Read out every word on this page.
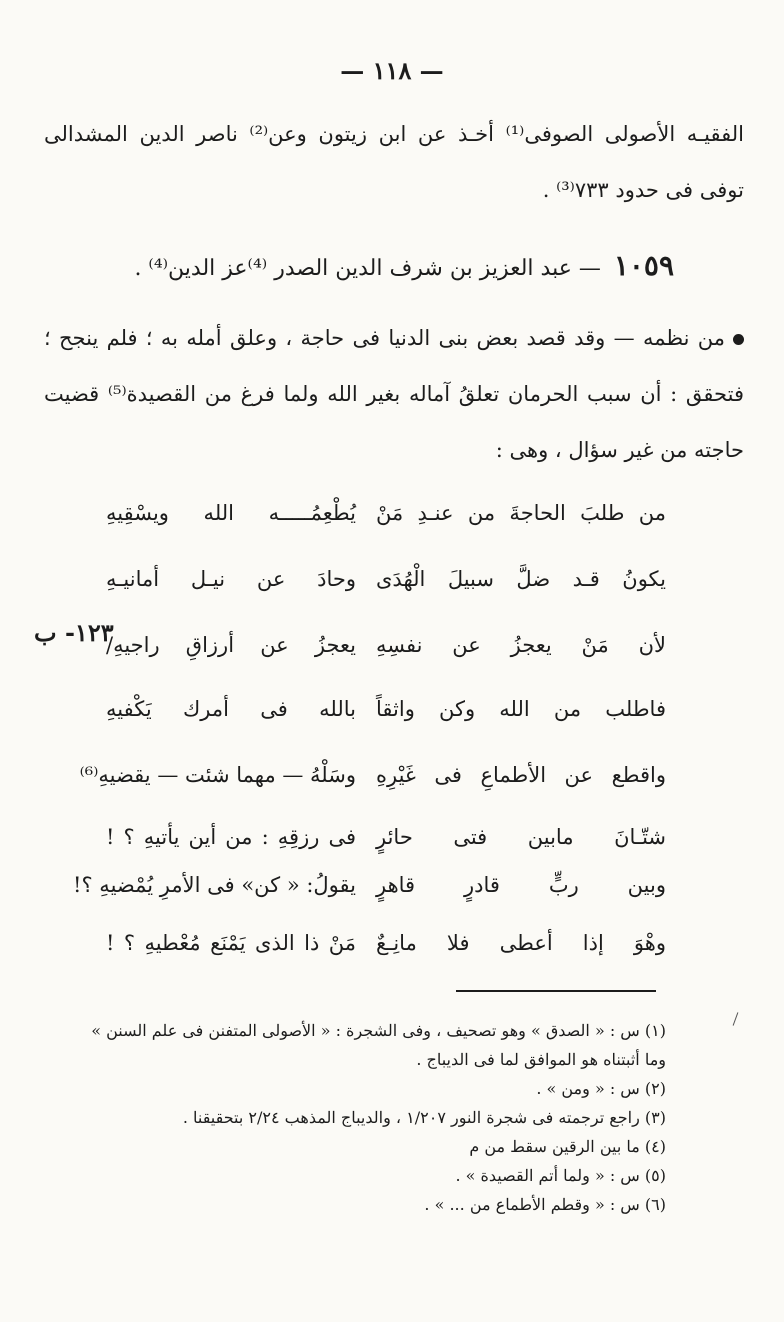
— ١١٨ —
الفقيـه الأصولى الصوفى⁽¹⁾ أخـذ عن ابن زيتون وعن⁽²⁾ ناصر الدين المشدالى توفى فى حدود ٧٣٣⁽³⁾ .
١٠٥٩ — عبد العزيز بن شرف الدين الصدر ⁽⁴⁾عز الدين⁽⁴⁾ .
من نظمه — وقد قصد بعض بنى الدنيا فى حاجة ، وعلق أمله به ؛ فلم ينجح ؛ فتحقق : أن سبب الحرمان تعلقُ آماله بغير الله ولما فرغ من القصيدة⁽⁵⁾ قضيت حاجته من غير سؤال ، وهى :
من طلبَ الحاجةَ من عنـدِ مَنْ
يُطْعِمُـــــه الله ويسْقِيهِ
يكونُ قـد ضلَّ سبيلَ الْهُدَى
وحادَ عن نيـل أمانيـهِ
لأن مَنْ يعجزُ عن نفسِهِ
يعجزُ عن أرزاقِ راجيهِ/
فاطلب من الله وكن واثقاً
بالله فى أمرك يَكْفيهِ
واقطع عن الأطماعِ فى غَيْرِهِ
وسَلْهُ — مهما شئت — يقضيهِ⁽⁶⁾
شتّـانَ مابين فتى حائرٍ
فى رزقِهِ : من أين يأتيهِ ؟ !
وبين ربٍّ قادرٍ قاهرٍ
يقولُ: « كن» فى الأمرِ يُمْضيهِ ؟!
وهْوَ إذا أعطى فلا مانِـعٌ
مَنْ ذا الذى يَمْنَع مُعْطيهِ ؟ !
١٢٣- ب
(١) س : « الصدق » وهو تصحيف ، وفى الشجرة : « الأصولى المتفنن فى علم السنن »
وما أثبتناه هو الموافق لما فى الديباج .
(٢) س : « ومن » .
(٣) راجع ترجمته فى شجرة النور ١/٢٠٧ ، والديباج المذهب ٢/٢٤ بتحقيقنا .
(٤) ما بين الرقين سقط من م
(٥) س : « ولما أتم القصيدة » .
(٦) س : « وقطم الأطماع من ... » .
